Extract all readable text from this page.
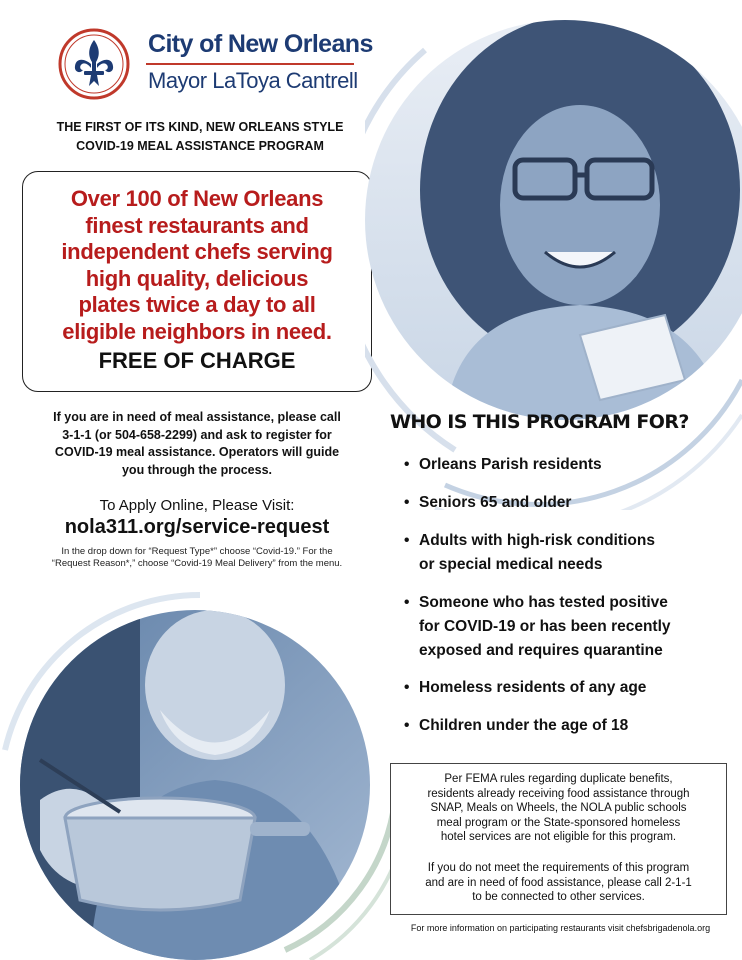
City of New Orleans
Mayor LaToya Cantrell
THE FIRST OF ITS KIND, NEW ORLEANS STYLE
COVID-19 MEAL ASSISTANCE PROGRAM
Over 100 of New Orleans
finest restaurants and
independent chefs serving
high quality, delicious
plates twice a day to all
eligible neighbors in need.
FREE OF CHARGE
If you are in need of meal assistance, please call
3-1-1 (or 504-658-2299) and ask to register for
COVID-19 meal assistance. Operators will guide
you through the process.
To Apply Online, Please Visit:
nola311.org/service-request
In the drop down for “Request Type*” choose “Covid-19.” For the
“Request Reason*,” choose “Covid-19 Meal Delivery” from the menu.
WHO IS THIS PROGRAM FOR?
• Orleans Parish residents
• Seniors 65 and older
• Adults with high-risk conditions
or special medical needs
• Someone who has tested positive
for COVID-19 or has been recently
exposed and requires quarantine
• Homeless residents of any age
• Children under the age of 18
Per FEMA rules regarding duplicate benefits,
residents already receiving food assistance through
SNAP, Meals on Wheels, the NOLA public schools
meal program or the State-sponsored homeless
hotel services are not eligible for this program.
If you do not meet the requirements of this program
and are in need of food assistance, please call 2-1-1
to be connected to other services.
For more information on participating restaurants visit chefsbrigadenola.org
